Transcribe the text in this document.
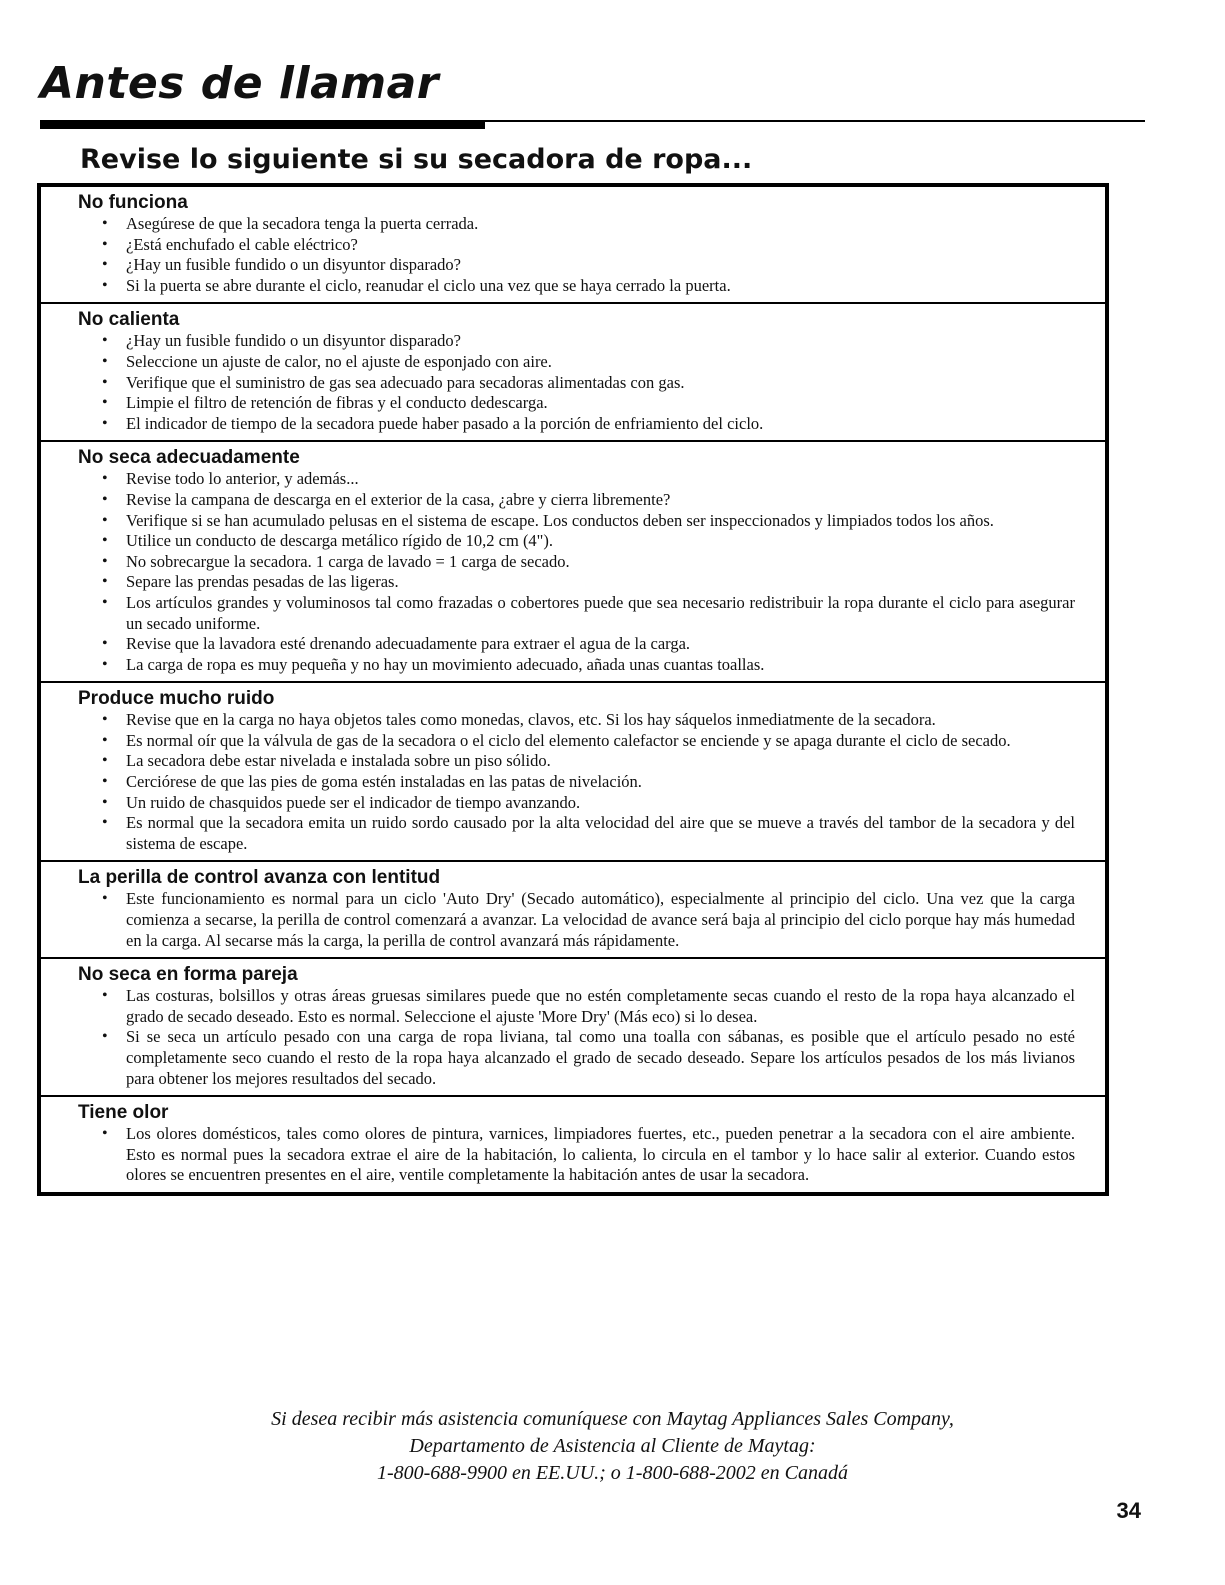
Antes de llamar
Revise lo siguiente si su secadora de ropa...
No funciona
• Asegúrese de que la secadora tenga la puerta cerrada.
• ¿Está enchufado el cable eléctrico?
• ¿Hay un fusible fundido o un disyuntor disparado?
• Si la puerta se abre durante el ciclo, reanudar el ciclo una vez que se haya cerrado la puerta.
No calienta
• ¿Hay un fusible fundido o un disyuntor disparado?
• Seleccione un ajuste de calor, no el ajuste de esponjado con aire.
• Verifique que el suministro de gas sea adecuado para secadoras alimentadas con gas.
• Limpie el filtro de retención de fibras y el conducto dedescarga.
• El indicador de tiempo de la secadora puede haber pasado a la porción de enfriamiento del ciclo.
No seca adecuadamente
• Revise todo lo anterior, y además...
• Revise la campana de descarga en el exterior de la casa, ¿abre y cierra libremente?
• Verifique si se han acumulado pelusas en el sistema de escape. Los conductos deben ser inspeccionados y limpiados todos los años.
• Utilice un conducto de descarga metálico rígido de 10,2 cm (4").
• No sobrecargue la secadora. 1 carga de lavado = 1 carga de secado.
• Separe las prendas pesadas de las ligeras.
• Los artículos grandes y voluminosos tal como frazadas o cobertores puede que sea necesario redistribuir la ropa durante el ciclo para asegurar un secado uniforme.
• Revise que la lavadora esté drenando adecuadamente para extraer el agua de la carga.
• La carga de ropa es muy pequeña y no hay un movimiento adecuado, añada unas cuantas toallas.
Produce mucho ruido
• Revise que en la carga no haya objetos tales como monedas, clavos, etc. Si los hay sáquelos inmediatmente de la secadora.
• Es normal oír que la válvula de gas de la secadora o el ciclo del elemento calefactor se enciende y se apaga durante el ciclo de secado.
• La secadora debe estar nivelada e instalada sobre un piso sólido.
• Cerciórese de que las pies de goma estén instaladas en las patas de nivelación.
• Un ruido de chasquidos puede ser el indicador de tiempo avanzando.
• Es normal que la secadora emita un ruido sordo causado por la alta velocidad del aire que se mueve a través del tambor de la secadora y del sistema de escape.
La perilla de control avanza con lentitud
• Este funcionamiento es normal para un ciclo 'Auto Dry' (Secado automático), especialmente al principio del ciclo. Una vez que la carga comienza a secarse, la perilla de control comenzará a avanzar. La velocidad de avance será baja al principio del ciclo porque hay más humedad en la carga. Al secarse más la carga, la perilla de control avanzará más rápidamente.
No seca en forma pareja
• Las costuras, bolsillos y otras áreas gruesas similares puede que no estén completamente secas cuando el resto de la ropa haya alcanzado el grado de secado deseado. Esto es normal. Seleccione el ajuste 'More Dry' (Más eco) si lo desea.
• Si se seca un artículo pesado con una carga de ropa liviana, tal como una toalla con sábanas, es posible que el artículo pesado no esté completamente seco cuando el resto de la ropa haya alcanzado el grado de secado deseado. Separe los artículos pesados de los más livianos para obtener los mejores resultados del secado.
Tiene olor
• Los olores domésticos, tales como olores de pintura, varnices, limpiadores fuertes, etc., pueden penetrar a la secadora con el aire ambiente. Esto es normal pues la secadora extrae el aire de la habitación, lo calienta, lo circula en el tambor y lo hace salir al exterior. Cuando estos olores se encuentren presentes en el aire, ventile completamente la habitación antes de usar la secadora.
Si desea recibir más asistencia comuníquese con Maytag Appliances Sales Company,
Departamento de Asistencia al Cliente de Maytag:
1-800-688-9900 en EE.UU.; o 1-800-688-2002 en Canadá
34
